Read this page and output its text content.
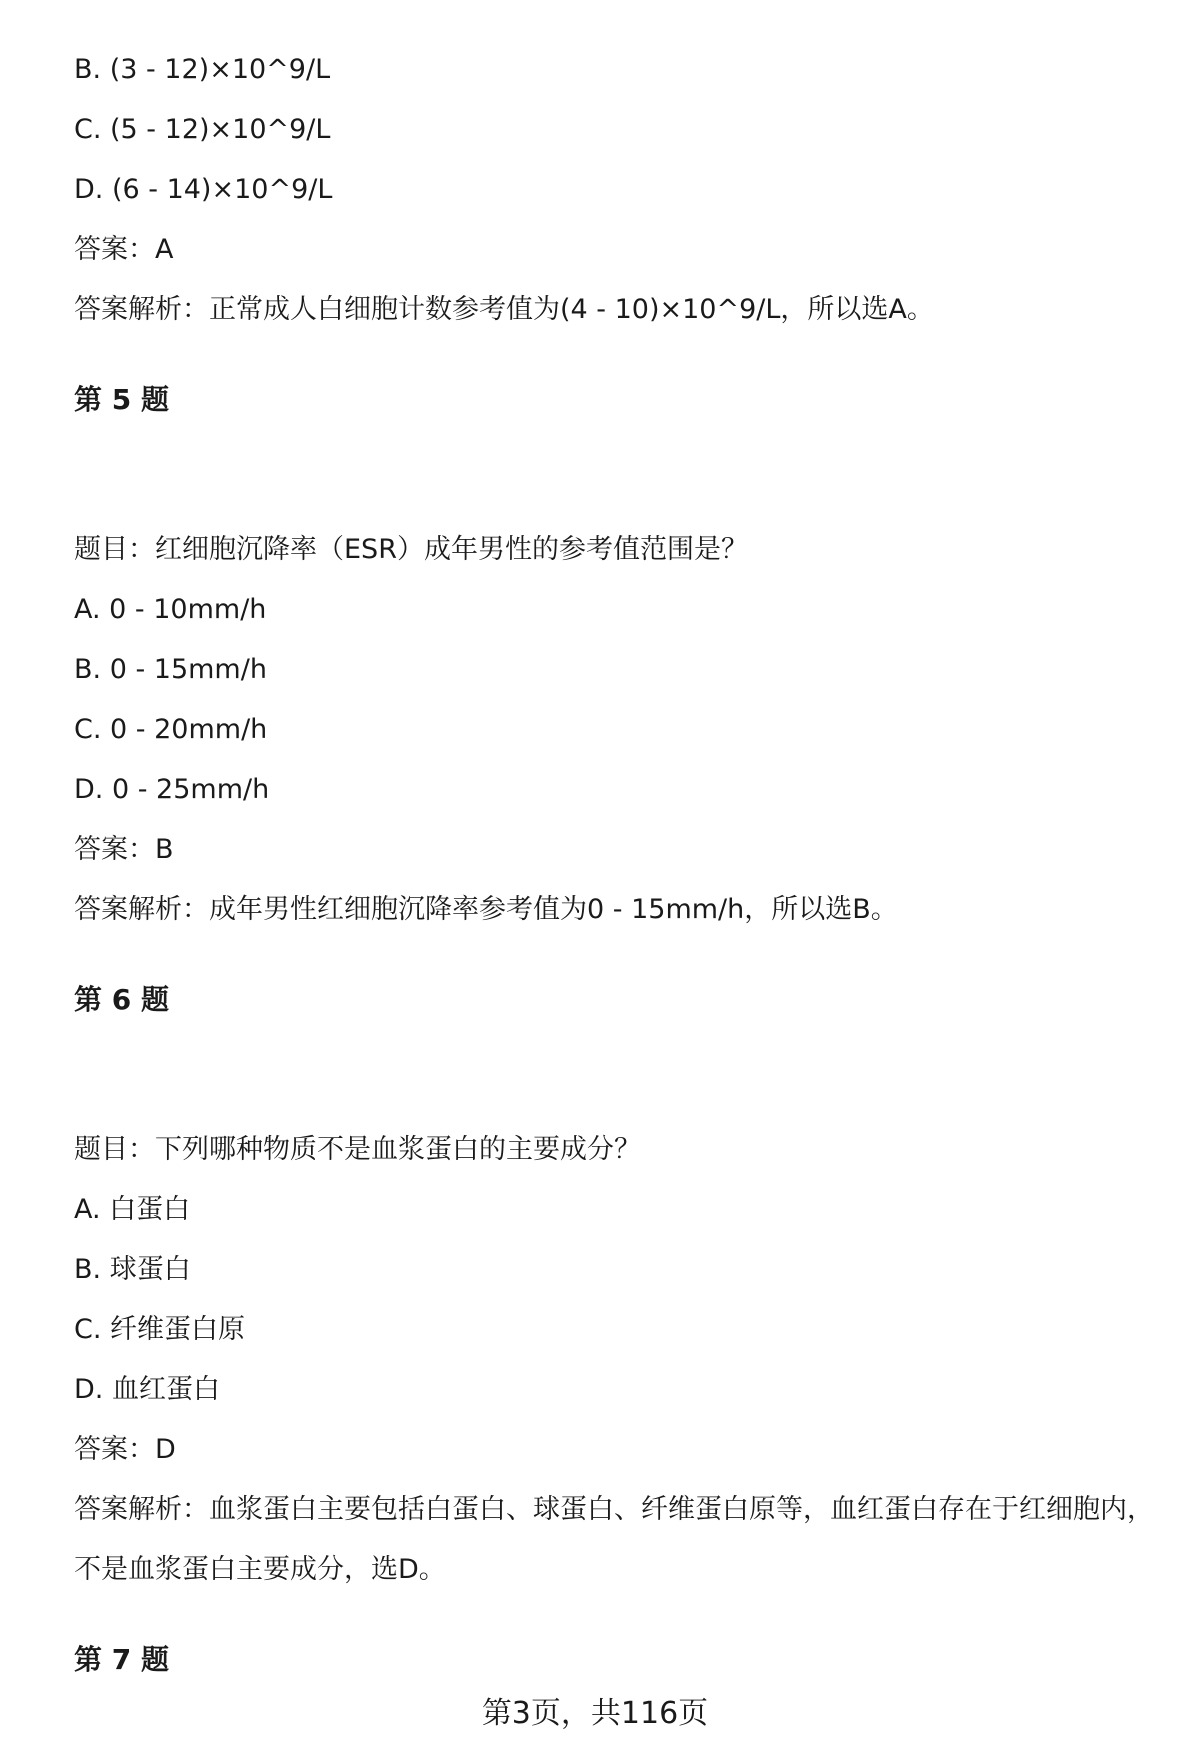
B. (3 - 12)×10^9/L
C. (5 - 12)×10^9/L
D. (6 - 14)×10^9/L
答案：A
答案解析：正常成人白细胞计数参考值为(4 - 10)×10^9/L，所以选A。
第 5 题
题目：红细胞沉降率（ESR）成年男性的参考值范围是？
A. 0 - 10mm/h
B. 0 - 15mm/h
C. 0 - 20mm/h
D. 0 - 25mm/h
答案：B
答案解析：成年男性红细胞沉降率参考值为0 - 15mm/h，所以选B。
第 6 题
题目：下列哪种物质不是血浆蛋白的主要成分？
A. 白蛋白
B. 球蛋白
C. 纤维蛋白原
D. 血红蛋白
答案：D
答案解析：血浆蛋白主要包括白蛋白、球蛋白、纤维蛋白原等，血红蛋白存在于红细胞内，不是血浆蛋白主要成分，选D。
第 7 题
第3页，共116页
